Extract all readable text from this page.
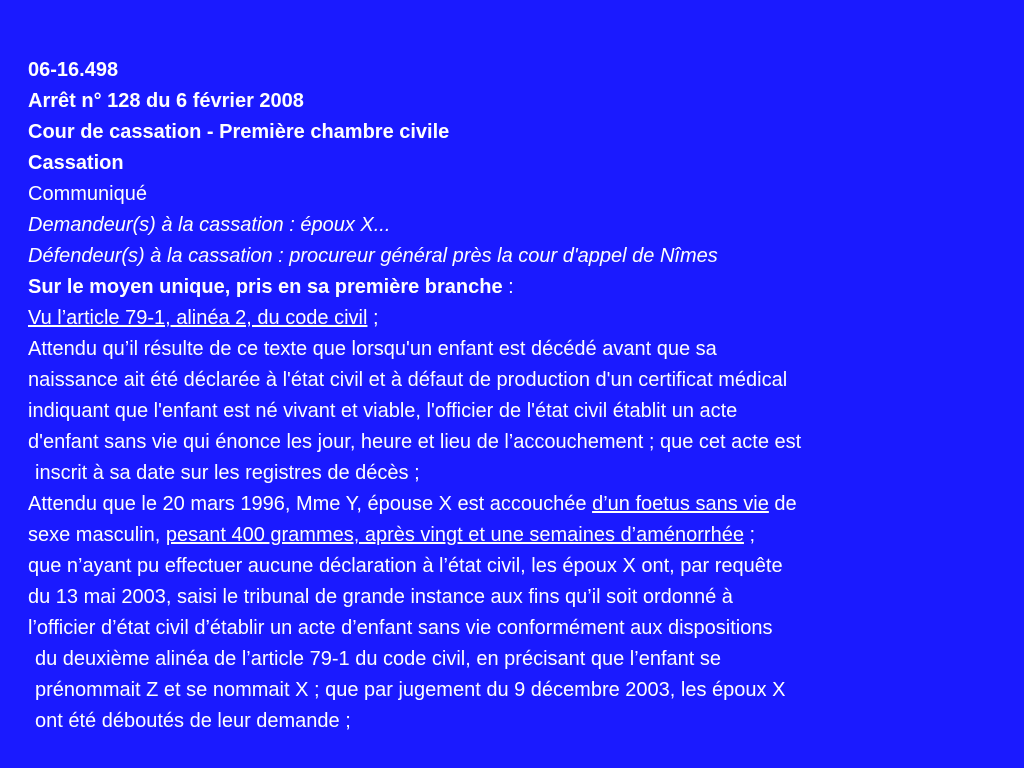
06-16.498
Arrêt n° 128 du 6 février 2008
Cour de cassation - Première chambre civile
Cassation
Communiqué
Demandeur(s) à la cassation : époux X...
Défendeur(s) à la cassation : procureur général près la cour d'appel de Nîmes
Sur le moyen unique, pris en sa première branche :
Vu l’article 79-1, alinéa 2, du code civil ;
Attendu qu’il résulte de ce texte que lorsqu'un enfant est décédé avant que sa
naissance ait été déclarée à l'état civil et à défaut de production d'un certificat médical
indiquant que l'enfant est né vivant et viable, l'officier de l'état civil établit un acte
d'enfant sans vie qui énonce les jour, heure et lieu de l’accouchement ; que cet acte est
inscrit à sa date sur les registres de décès ;
Attendu que le 20 mars 1996, Mme Y, épouse X est accouchée d’un foetus sans vie de
sexe masculin, pesant 400 grammes, après vingt et une semaines d’aménorrhée ;
que n’ayant pu effectuer aucune déclaration à l’état civil, les époux X ont, par requête
du 13 mai 2003, saisi le tribunal de grande instance aux fins qu’il soit ordonné à
l’officier d’état civil d’établir un acte d’enfant sans vie conformément aux dispositions
du deuxième alinéa de l’article 79-1 du code civil, en précisant que l’enfant se
prénommait Z et se nommait X ; que par jugement du 9 décembre 2003, les époux X
ont été déboutés de leur demande ;
